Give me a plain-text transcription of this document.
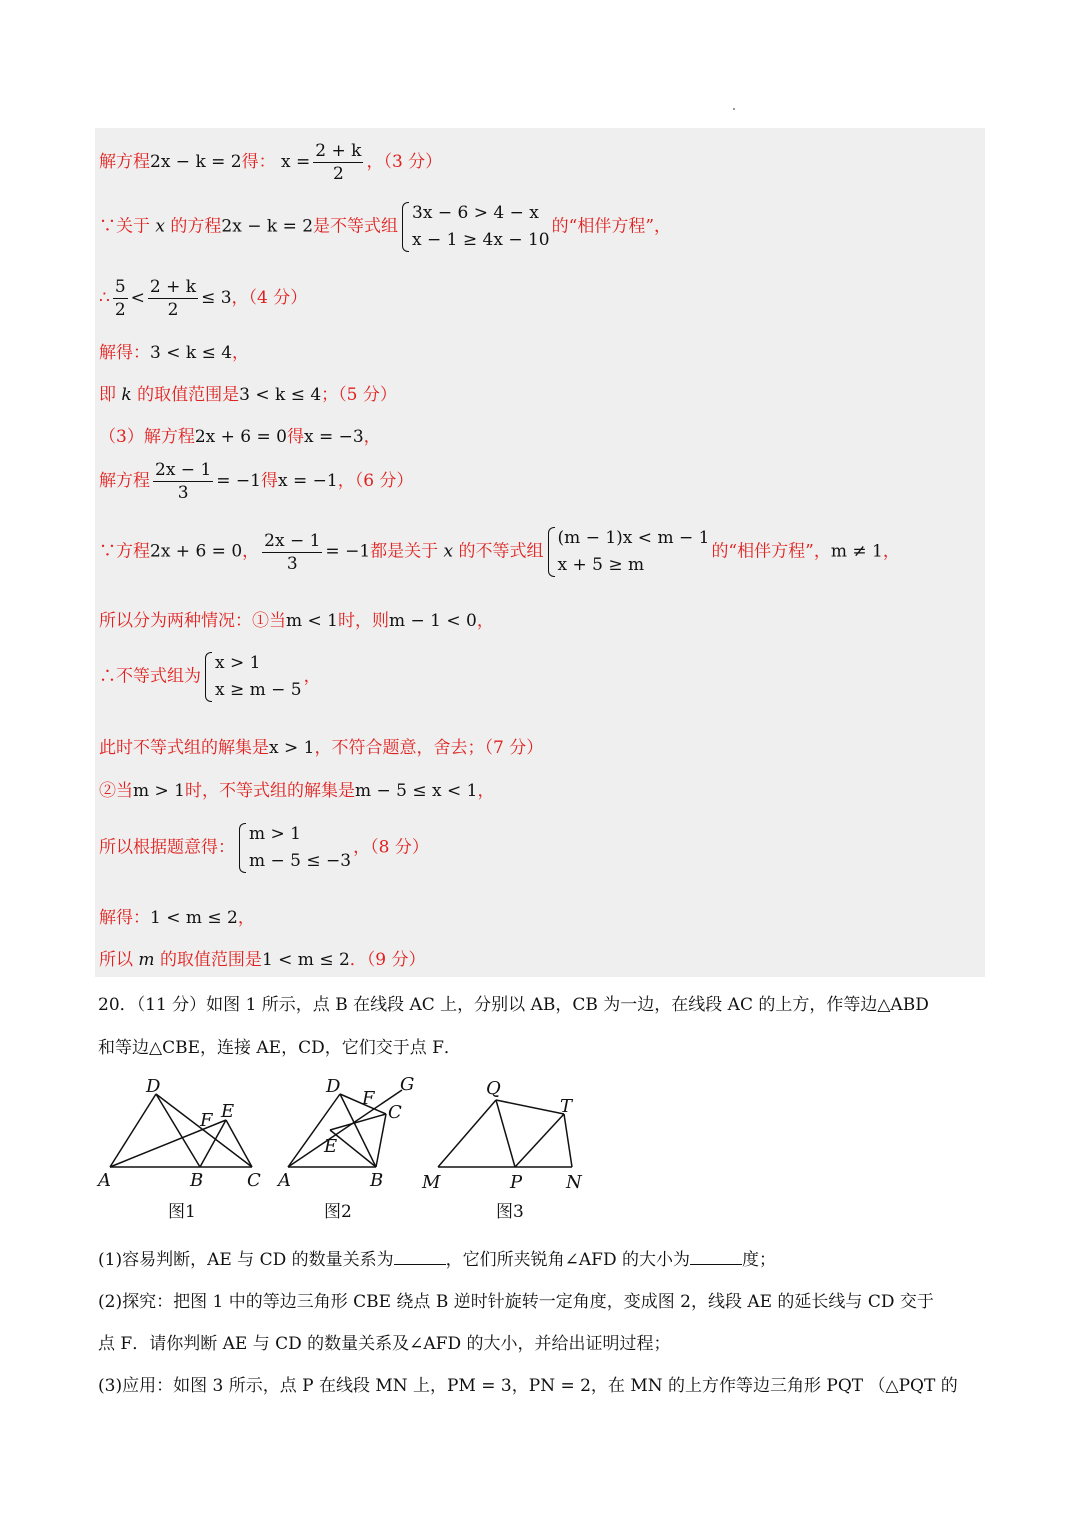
解方程2x − k = 2得： $x = \frac{2 + k}{2}$ ，（3 分）
∵关于 x 的方程2x − k = 2是不等式组
3x − 6 > 4 − x
x − 1 ≥ 4x − 10
的“相伴方程”，
∴ $\frac{5}{2} < \frac{2 + k}{2} \le 3$，（4 分）
解得：3 < k ≤ 4，
即 k 的取值范围是3 < k ≤ 4；（5 分）
（3）解方程2x + 6 = 0得x = −3，
解方程 $\frac{2x - 1}{3} = -1$得x = −1，（6 分）
∵方程2x + 6 = 0， $\frac{2x - 1}{3} = -1$都是关于 x 的不等式组
(m − 1)x < m − 1
x + 5 ≥ m
的“相伴方程”，m ≠ 1，
所以分为两种情况：①当m < 1时，则m − 1 < 0，
∴不等式组为
x > 1
x ≥ m − 5
，
此时不等式组的解集是x > 1，不符合题意，舍去；（7 分）
②当m > 1时，不等式组的解集是m − 5 ≤ x < 1，
所以根据题意得：
m > 1
m − 5 ≤ −3
，（8 分）
解得：1 < m ≤ 2，
所以 m 的取值范围是1 < m ≤ 2．（9 分）
20．（11 分）如图 1 所示，点 B 在线段 AC 上，分别以 AB，CB 为一边，在线段 AC 的上方，作等边△ABD
和等边△CBE，连接 AE，CD，它们交于点 F．
D
F E
A	B C
D
F
G
C
E
A	B
Q
T
M	P N
图1	图2	图3
(1)容易判断，AE 与 CD 的数量关系为	，它们所夹锐角∠AFD 的大小为	度；
(2)探究：把图 1 中的等边三角形 CBE 绕点 B 逆时针旋转一定角度，变成图 2，线段 AE 的延长线与 CD 交于
点 F．请你判断 AE 与 CD 的数量关系及∠AFD 的大小，并给出证明过程；
(3)应用：如图 3 所示，点 P 在线段 MN 上，PM = 3，PN = 2，在 MN 的上方作等边三角形 PQT （△PQT 的
